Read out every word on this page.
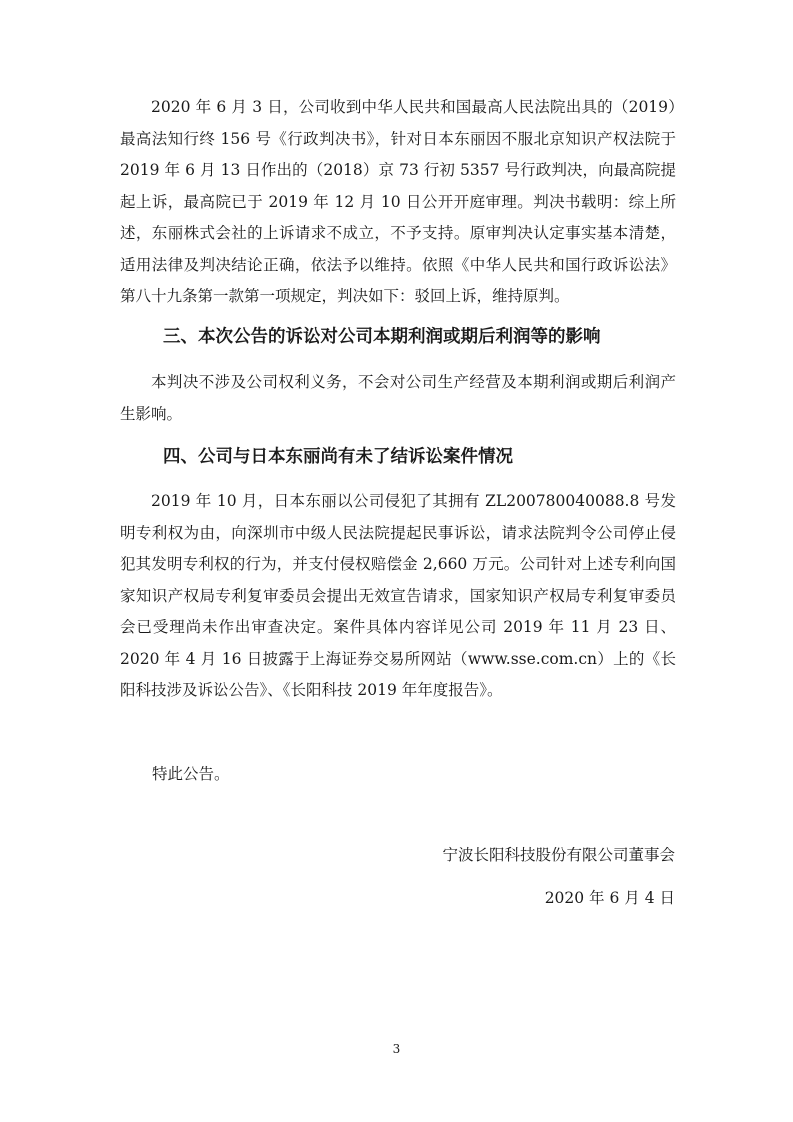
2020 年 6 月 3 日，公司收到中华人民共和国最高人民法院出具的（2019）最高法知行终 156 号《行政判决书》，针对日本东丽因不服北京知识产权法院于 2019 年 6 月 13 日作出的（2018）京 73 行初 5357 号行政判决，向最高院提起上诉，最高院已于 2019 年 12 月 10 日公开开庭审理。判决书载明：综上所述，东丽株式会社的上诉请求不成立，不予支持。原审判决认定事实基本清楚，适用法律及判决结论正确，依法予以维持。依照《中华人民共和国行政诉讼法》第八十九条第一款第一项规定，判决如下：驳回上诉，维持原判。

三、本次公告的诉讼对公司本期利润或期后利润等的影响

本判决不涉及公司权利义务，不会对公司生产经营及本期利润或期后利润产生影响。

四、公司与日本东丽尚有未了结诉讼案件情况

2019 年 10 月，日本东丽以公司侵犯了其拥有 ZL200780040088.8 号发明专利权为由，向深圳市中级人民法院提起民事诉讼，请求法院判令公司停止侵犯其发明专利权的行为，并支付侵权赔偿金 2,660 万元。公司针对上述专利向国家知识产权局专利复审委员会提出无效宣告请求，国家知识产权局专利复审委员会已受理尚未作出审查决定。案件具体内容详见公司 2019 年 11 月 23 日、2020 年 4 月 16 日披露于上海证券交易所网站（www.sse.com.cn）上的《长阳科技涉及诉讼公告》、《长阳科技 2019 年年度报告》。

特此公告。

宁波长阳科技股份有限公司董事会

2020 年 6 月 4 日

3
